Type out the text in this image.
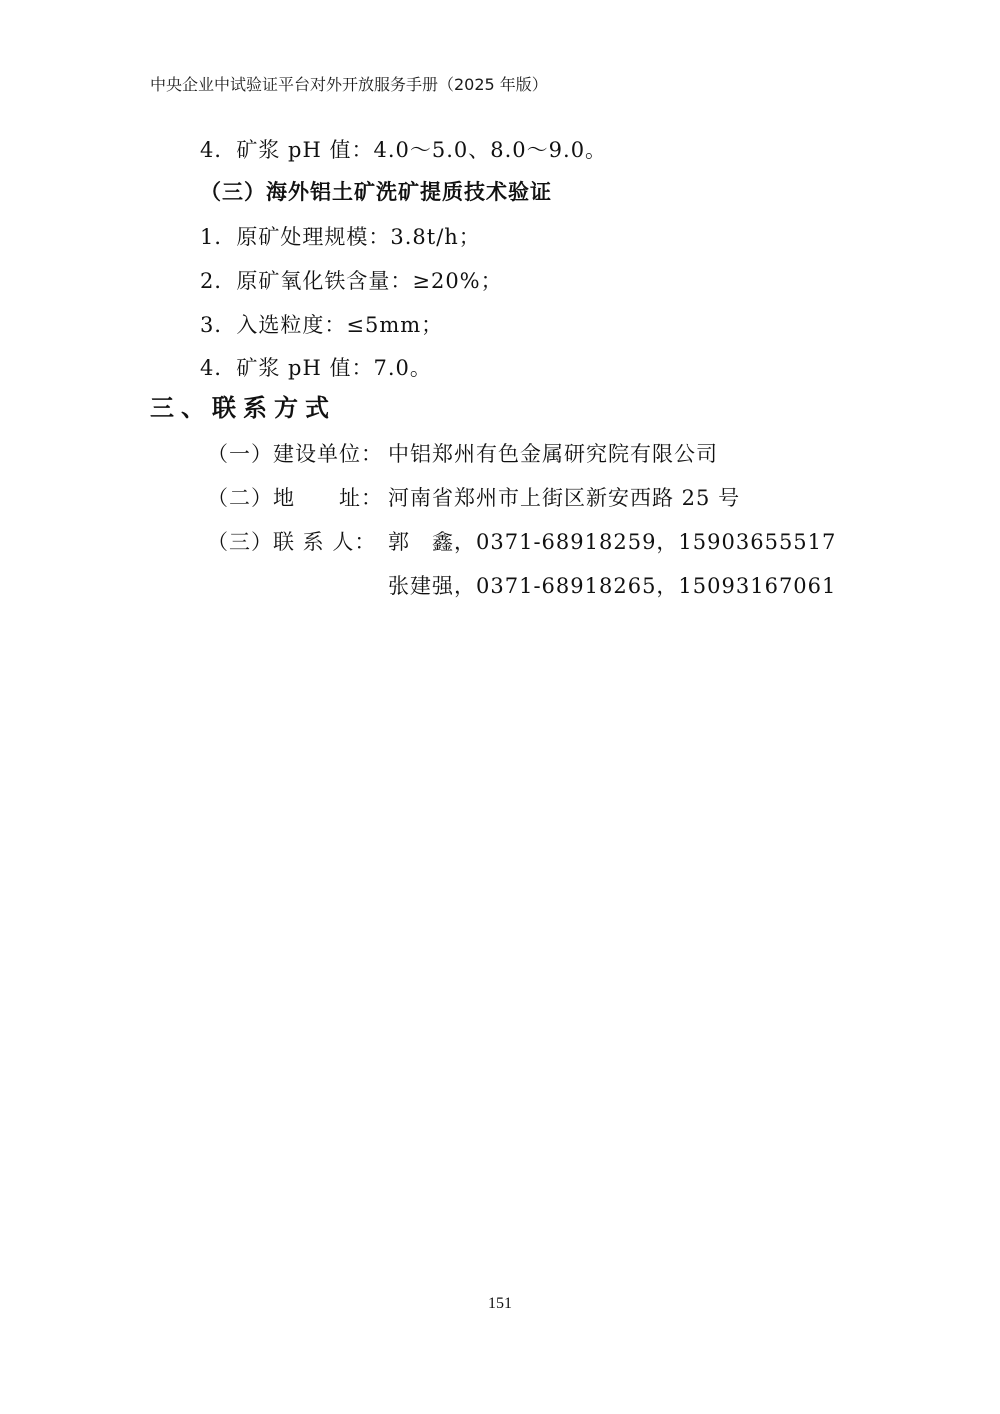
中央企业中试验证平台对外开放服务手册（2025 年版）
4．矿浆 pH 值：4.0～5.0、8.0～9.0。
（三）海外铝土矿洗矿提质技术验证
1．原矿处理规模：3.8t/h；
2．原矿氧化铁含量：≥20%；
3．入选粒度：≤5mm；
4．矿浆 pH 值：7.0。
三、联系方式
（一）建设单位： 中铝郑州有色金属研究院有限公司
（二）地　　址： 河南省郑州市上街区新安西路 25 号
（三）联 系 人： 郭　鑫，0371-68918259，15903655517
张建强，0371-68918265，15093167061
151
